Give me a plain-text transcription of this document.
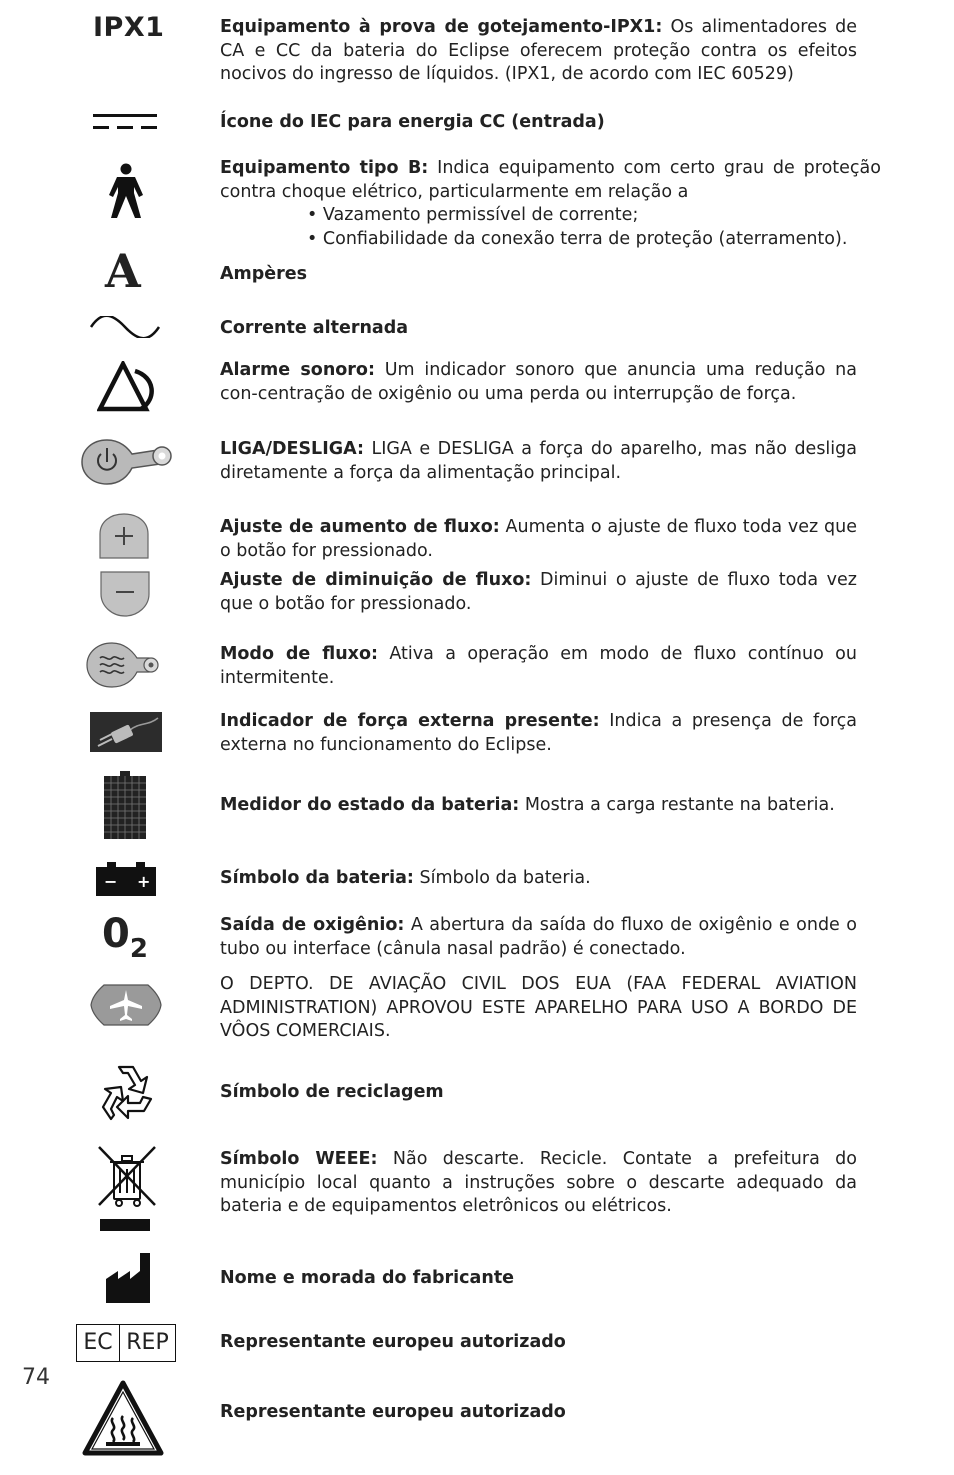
IPX1
A
− +
$0_2$
EC REP
Equipamento à prova de gotejamento-IPX1: Os alimentadores de CA e CC da bateria do Eclipse oferecem proteção contra os efeitos nocivos do ingresso de líquidos. (IPX1, de acordo com IEC 60529)
Ícone do IEC para energia CC (entrada)
Equipamento tipo B: Indica equipamento com certo grau de proteção contra choque elétrico, particularmente em relação a
• Vazamento permissível de corrente;
• Confiabilidade da conexão terra de proteção (aterramento).
Ampères
Corrente alternada
Alarme sonoro: Um indicador sonoro que anuncia uma redução na con-centração de oxigênio ou uma perda ou interrupção de força.
LIGA/DESLIGA: LIGA e DESLIGA a força do aparelho, mas não desliga diretamente a força da alimentação principal.
Ajuste de aumento de fluxo: Aumenta o ajuste de fluxo toda vez que o botão for pressionado.
Ajuste de diminuição de fluxo: Diminui o ajuste de fluxo toda vez que o botão for pressionado.
Modo de fluxo: Ativa a operação em modo de fluxo contínuo ou intermitente.
Indicador de força externa presente: Indica a presença de força externa no funcionamento do Eclipse.
Medidor do estado da bateria: Mostra a carga restante na bateria.
Símbolo da bateria: Símbolo da bateria.
Saída de oxigênio: A abertura da saída do fluxo de oxigênio e onde o tubo ou interface (cânula nasal padrão) é conectado.
O DEPTO. DE AVIAÇÃO CIVIL DOS EUA (FAA FEDERAL AVIATION ADMINISTRATION) APROVOU ESTE APARELHO PARA USO A BORDO DE VÔOS COMERCIAIS.
Símbolo de reciclagem
Símbolo WEEE: Não descarte. Recicle. Contate a prefeitura do município local quanto a instruções sobre o descarte adequado da bateria e de equipamentos eletrônicos ou elétricos.
Nome e morada do fabricante
Representante europeu autorizado
Representante europeu autorizado
74
